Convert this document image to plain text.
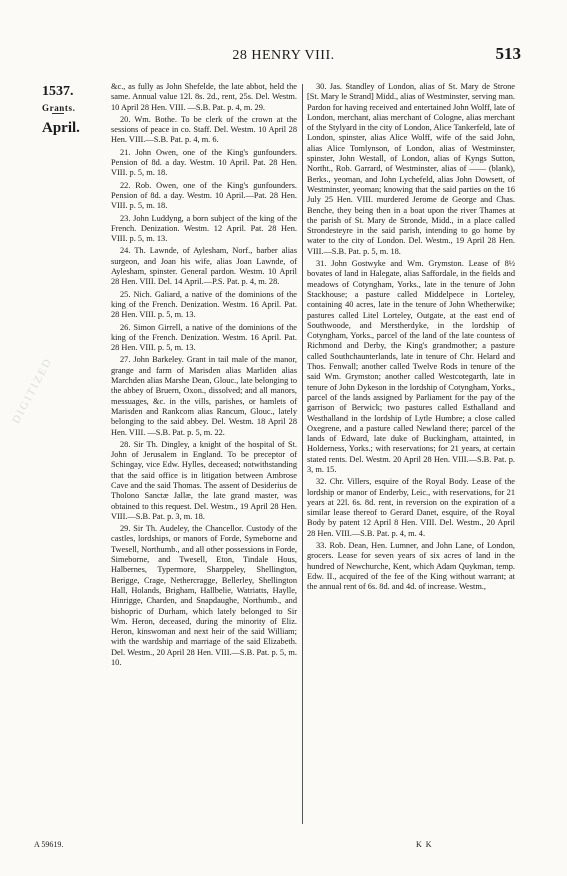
28 HENRY VIII.	513
1537.
Grants.
April.

&c., as fully as John Shefelde, the late abbot, held the same. Annual value 12l. 8s. 2d., rent, 25s. Del. Westm. 10 April 28 Hen. VIII. —S.B. Pat. p. 4, m. 29.

20. Wm. Bothe. To be clerk of the crown at the sessions of peace in co. Staff. Del. Westm. 10 April 28 Hen. VIII.—S.B. Pat. p. 4, m. 6.

21. John Owen, one of the King's gunfounders. Pension of 8d. a day. Westm. 10 April. Pat. 28 Hen. VIII. p. 5, m. 18.

22. Rob. Owen, one of the King's gunfounders. Pension of 8d. a day. Westm. 10 April.—Pat. 28 Hen. VIII. p. 5, m. 18.

23. John Luddyng, a born subject of the king of the French. Denization. Westm. 12 April. Pat. 28 Hen. VIII. p. 5, m. 13.

24. Th. Lawnde, of Aylesham, Norf., barber alias surgeon, and Joan his wife, alias Joan Lawnde, of Aylesham, spinster. General pardon. Westm. 10 April 28 Hen. VIII. Del. 14 April.—P.S. Pat. p. 4, m. 28.

25. Nich. Galiard, a native of the dominions of the king of the French. Denization. Westm. 16 April. Pat. 28 Hen. VIII. p. 5, m. 13.

26. Simon Girrell, a native of the dominions of the king of the French. Denization. Westm. 16 April. Pat. 28 Hen. VIII. p. 5, m. 13.

27. John Barkeley. Grant in tail male of the manor, grange and farm of Marisden alias Marliden alias Marchden alias Marshe Dean, Glouc., late belonging to the abbey of Bruern, Oxon., dissolved; and all manors, messuages, &c. in the vills, parishes, or hamlets of Marisden and Rankcom alias Rancum, Glouc., lately belonging to the said abbey. Del. Westm. 18 April 28 Hen. VIII. —S.B. Pat. p. 5, m. 22.

28. Sir Th. Dingley, a knight of the hospital of St. John of Jerusalem in England. To be preceptor of Schingay, vice Edw. Hylles, deceased; notwithstanding that the said office is in litigation between Ambrose Cave and the said Thomas. The assent of Desiderius de Tholono Sanctæ Jallæ, the late grand master, was obtained to this request. Del. Westm., 19 April 28 Hen. VIII.—S.B. Pat. p. 3, m. 18.

29. Sir Th. Audeley, the Chancellor. Custody of the castles, lordships, or manors of Forde, Symeborne and Twesell, Northumb., and all other possessions in Forde, Simeborne, and Twesell, Eton, Tindale Hous, Halbernes, Typermore, Sharppeley, Shellington, Berigge, Crage, Nethercragge, Bellerley, Shellington Hall, Holands, Brigham, Hallbelie, Watriatts, Haylle, Hinrigge, Charden, and Snapdaughe, Northumb., and bishopric of Durham, which lately belonged to Sir Wm. Heron, deceased, during the minority of Eliz. Heron, kinswoman and next heir of the said William; with the wardship and marriage of the said Elizabeth. Del. Westm., 20 April 28 Hen. VIII.—S.B. Pat. p. 5, m. 10.

30. Jas. Standley of London, alias of St. Mary de Strone [St. Mary le Strand] Midd., alias of Westminster, serving man. Pardon for having received and entertained John Wolff, late of London, merchant, alias merchant of Cologne, alias merchant of the Stylyard in the city of London, Alice Tankerfeld, late of London, spinster, alias Alice Wolff, wife of the said John, alias Alice Tomlynson, of London, alias of Westminster, spinster, John Westall, of London, alias of Kyngs Sutton, Northt., Rob. Garrard, of Westminster, alias of —— (blank), Berks., yeoman, and John Lychefeld, alias John Dowsett, of Westminster, yeoman; knowing that the said parties on the 16 July 25 Hen. VIII. murdered Jerome de George and Chas. Benche, they being then in a boat upon the river Thames at the parish of St. Mary de Stronde, Midd., in a place called Strondesteyre in the said parish, intending to go home by water to the city of London. Del. Westm., 19 April 28 Hen. VIII.—S.B. Pat. p. 5, m. 18.

31. John Gostwyke and Wm. Grymston. Lease of 8½ bovates of land in Halegate, alias Saffordale, in the fields and meadows of Cotyngham, Yorks., late in the tenure of John Stackhouse; a pasture called Middelpece in Lorteley, containing 40 acres, late in the tenure of John Whetherwike; pastures called Litel Lorteley, Outgate, at the east end of Southwoode, and Merstherdyke, in the lordship of Cotyngham, Yorks., parcel of the land of the late countess of Richmond and Derby, the King's grandmother; a pasture called Southchaunterlands, late in tenure of Chr. Helard and Thos. Fenwall; another called Twelve Rods in tenure of the said Wm. Grymston; another called Westcotegarth, late in tenure of John Dykeson in the lordship of Cotyngham, Yorks., parcel of the lands assigned by Parliament for the pay of the garrison of Berwick; two pastures called Esthalland and Westhalland in the lordship of Lytle Humbre; a close called Oxegrene, and a pasture called Newland there; parcel of the lands of Edward, late duke of Buckingham, attainted, in Holderness, Yorks.; with reservations; for 21 years, at certain stated rents. Del. Westm. 20 April 28 Hen. VIII.—S.B. Pat. p. 3, m. 15.

32. Chr. Villers, esquire of the Royal Body. Lease of the lordship or manor of Enderby, Leic., with reservations, for 21 years at 22l. 6s. 8d. rent, in reversion on the expiration of a similar lease thereof to Gerard Danet, esquire, of the Royal Body by patent 12 April 8 Hen. VIII. Del. Westm., 20 April 28 Hen. VIII.—S.B. Pat. p. 4, m. 4.

33. Rob. Dean, Hen. Lumner, and John Lane, of London, grocers. Lease for seven years of six acres of land in the hundred of Newchurche, Kent, which Adam Quykman, temp. Edw. II., acquired of the fee of the King without warrant; at the annual rent of 6s. 8d. and 4d. of increase. Westm.,

DIGITIZED
A 59619.	K K
